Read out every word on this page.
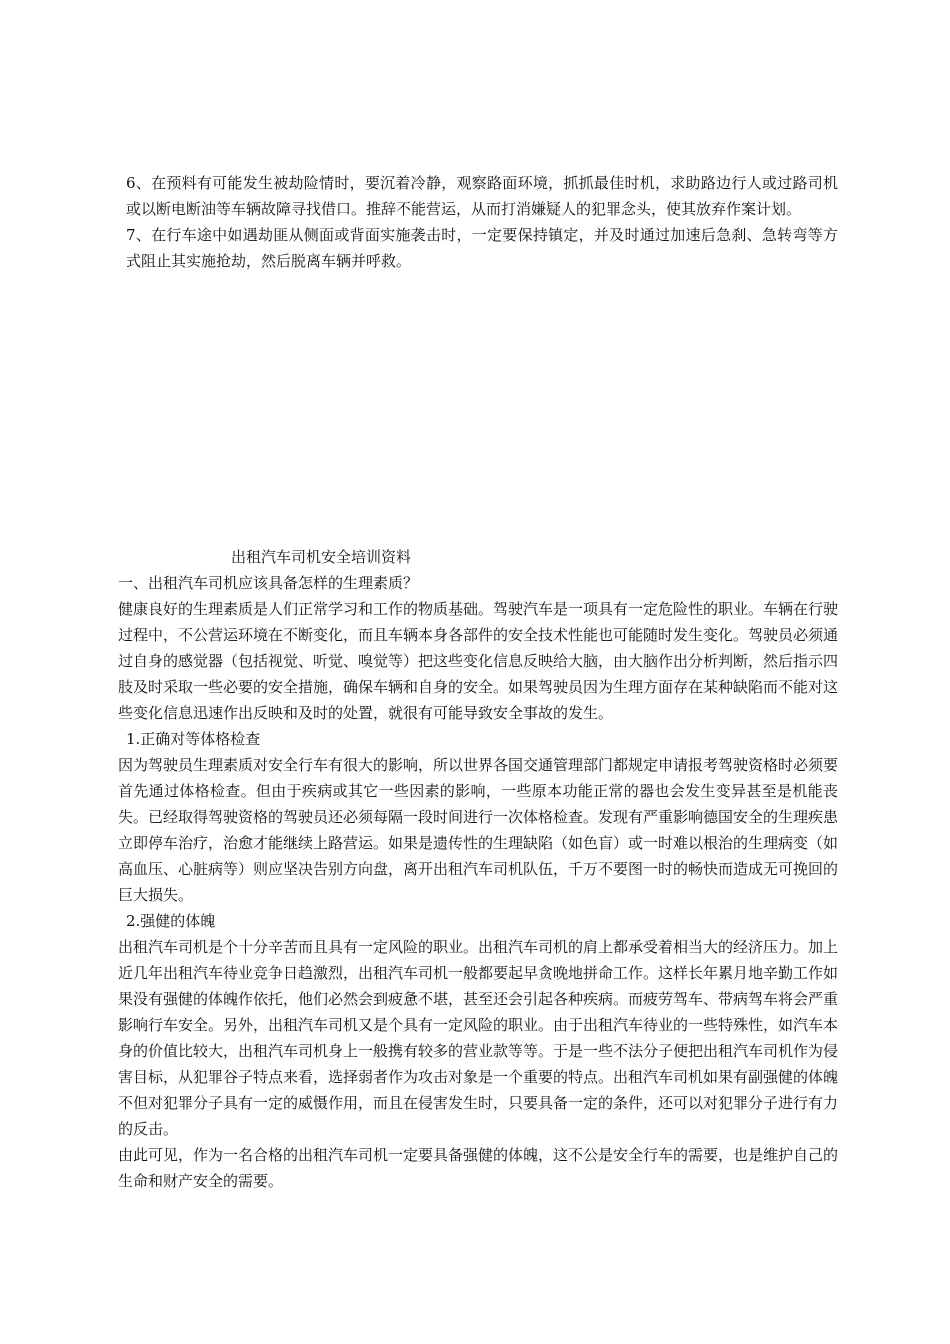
6、在预料有可能发生被劫险情时，要沉着冷静，观察路面环境，抓抓最佳时机，求助路边行人或过路司机或以断电断油等车辆故障寻找借口。推辞不能营运，从而打消嫌疑人的犯罪念头，使其放弃作案计划。

7、在行车途中如遇劫匪从侧面或背面实施袭击时，一定要保持镇定，并及时通过加速后急刹、急转弯等方式阻止其实施抢劫，然后脱离车辆并呼救。

出租汽车司机安全培训资料

一、出租汽车司机应该具备怎样的生理素质？

健康良好的生理素质是人们正常学习和工作的物质基础。驾驶汽车是一项具有一定危险性的职业。车辆在行驶过程中，不公营运环境在不断变化，而且车辆本身各部件的安全技术性能也可能随时发生变化。驾驶员必须通过自身的感觉器（包括视觉、听觉、嗅觉等）把这些变化信息反映给大脑，由大脑作出分析判断，然后指示四肢及时采取一些必要的安全措施，确保车辆和自身的安全。如果驾驶员因为生理方面存在某种缺陷而不能对这些变化信息迅速作出反映和及时的处置，就很有可能导致安全事故的发生。

1.正确对等体格检查

因为驾驶员生理素质对安全行车有很大的影响，所以世界各国交通管理部门都规定申请报考驾驶资格时必须要首先通过体格检查。但由于疾病或其它一些因素的影响，一些原本功能正常的器也会发生变异甚至是机能丧失。已经取得驾驶资格的驾驶员还必须每隔一段时间进行一次体格检查。发现有严重影响德国安全的生理疾患立即停车治疗，治愈才能继续上路营运。如果是遗传性的生理缺陷（如色盲）或一时难以根治的生理病变（如高血压、心脏病等）则应坚决告别方向盘，离开出租汽车司机队伍，千万不要图一时的畅快而造成无可挽回的巨大损失。

2.强健的体魄

出租汽车司机是个十分辛苦而且具有一定风险的职业。出租汽车司机的肩上都承受着相当大的经济压力。加上近几年出租汽车待业竞争日趋激烈，出租汽车司机一般都要起早贪晚地拼命工作。这样长年累月地辛勤工作如果没有强健的体魄作依托，他们必然会到疲惫不堪，甚至还会引起各种疾病。而疲劳驾车、带病驾车将会严重影响行车安全。另外，出租汽车司机又是个具有一定风险的职业。由于出租汽车待业的一些特殊性，如汽车本身的价值比较大，出租汽车司机身上一般携有较多的营业款等等。于是一些不法分子便把出租汽车司机作为侵害目标，从犯罪谷子特点来看，选择弱者作为攻击对象是一个重要的特点。出租汽车司机如果有副强健的体魄不但对犯罪分子具有一定的威慑作用，而且在侵害发生时，只要具备一定的条件，还可以对犯罪分子进行有力的反击。

由此可见，作为一名合格的出租汽车司机一定要具备强健的体魄，这不公是安全行车的需要，也是维护自己的生命和财产安全的需要。
